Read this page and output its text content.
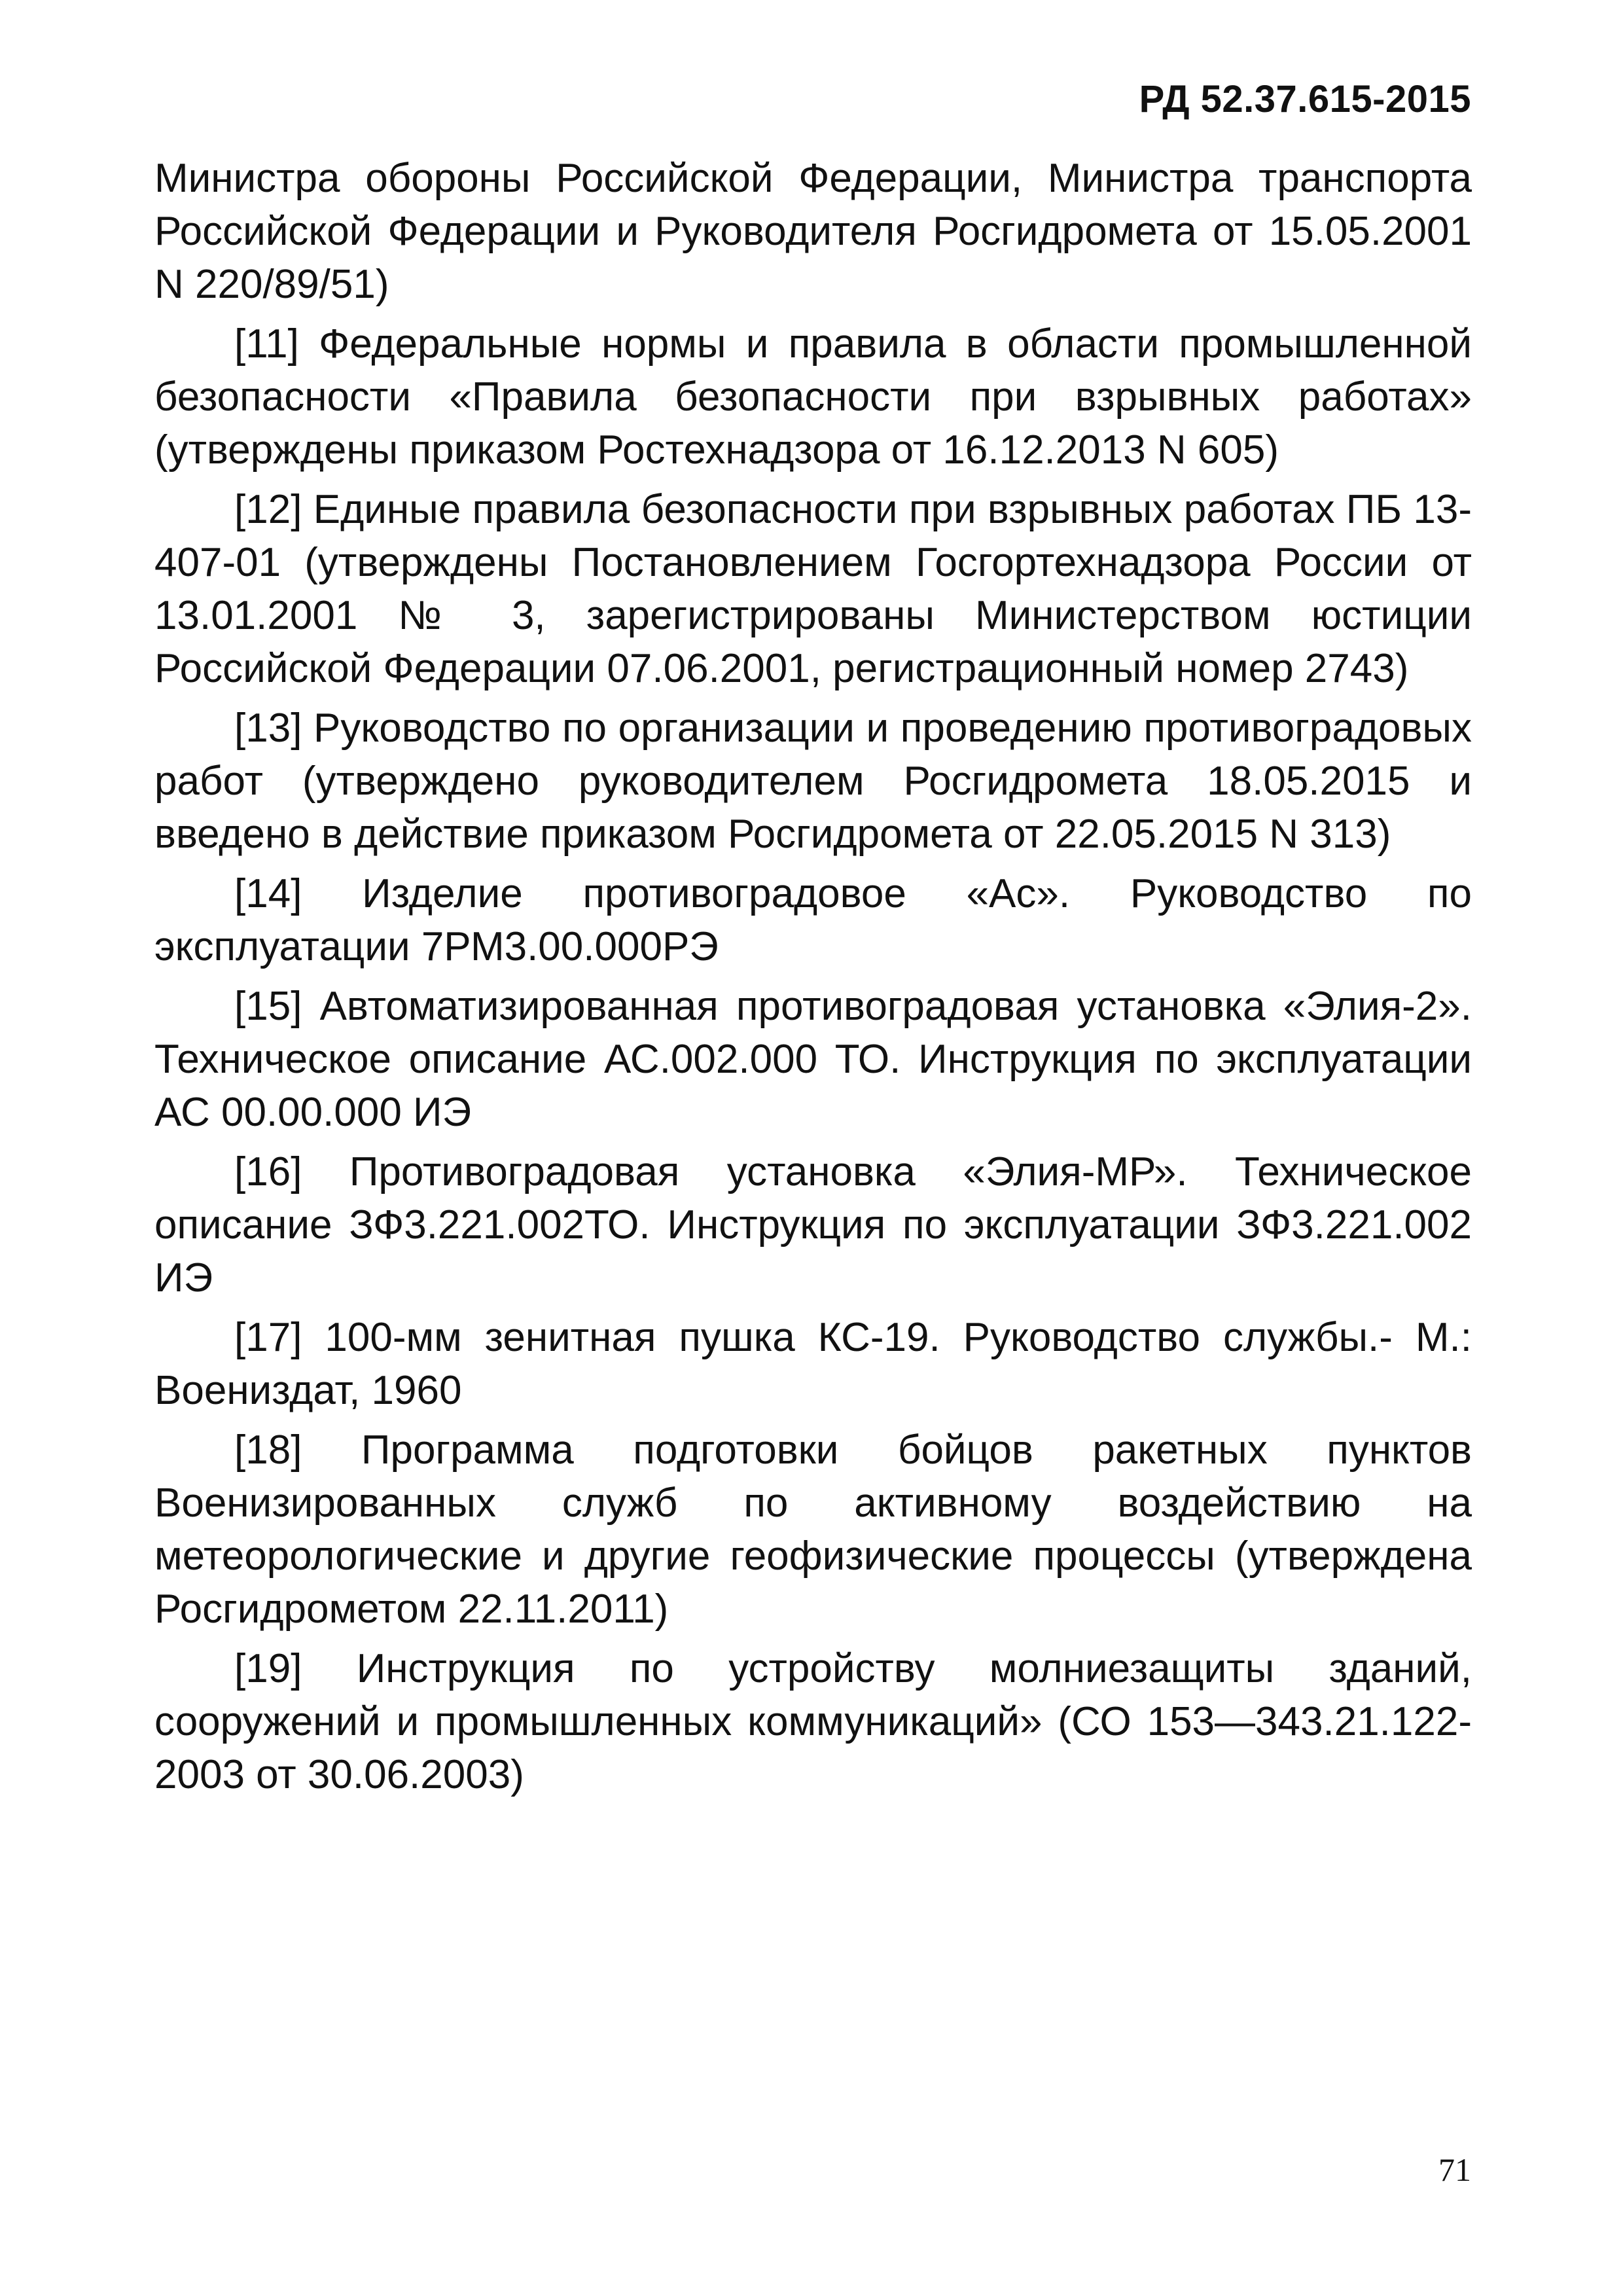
РД 52.37.615-2015

Министра обороны Российской Федерации, Министра транспорта Российской Федерации и Руководителя Росгидромета от 15.05.2001 N 220/89/51)

[11] Федеральные нормы и правила в области промышленной безопасности «Правила безопасности при взрывных работах» (утверждены приказом Ростехнадзора от 16.12.2013 N 605)

[12] Единые правила безопасности при взрывных работах ПБ 13-407-01 (утверждены Постановлением Госгортехнадзора России от 13.01.2001 № 3, зарегистрированы Министерством юстиции Российской Федерации 07.06.2001, регистрационный номер 2743)

[13] Руководство по организации и проведению противоградовых работ (утверждено руководителем Росгидромета 18.05.2015 и введено в действие приказом Росгидромета от 22.05.2015 N 313)

[14] Изделие противоградовое «Ас». Руководство по эксплуатации 7РМ3.00.000РЭ

[15] Автоматизированная противоградовая установка «Элия-2». Техническое описание АС.002.000 ТО. Инструкция по эксплуатации АС 00.00.000 ИЭ

[16] Противоградовая установка «Элия-МР». Техническое описание ЗФ3.221.002ТО. Инструкция по эксплуатации ЗФ3.221.002 ИЭ

[17] 100-мм зенитная пушка КС-19. Руководство службы.- М.: Воениздат, 1960

[18] Программа подготовки бойцов ракетных пунктов Военизированных служб по активному воздействию на метеорологические и другие геофизические процессы (утверждена Росгидрометом 22.11.2011)

[19] Инструкция по устройству молниезащиты зданий, сооружений и промышленных коммуникаций» (СО 153—343.21.122-2003 от 30.06.2003)

71
